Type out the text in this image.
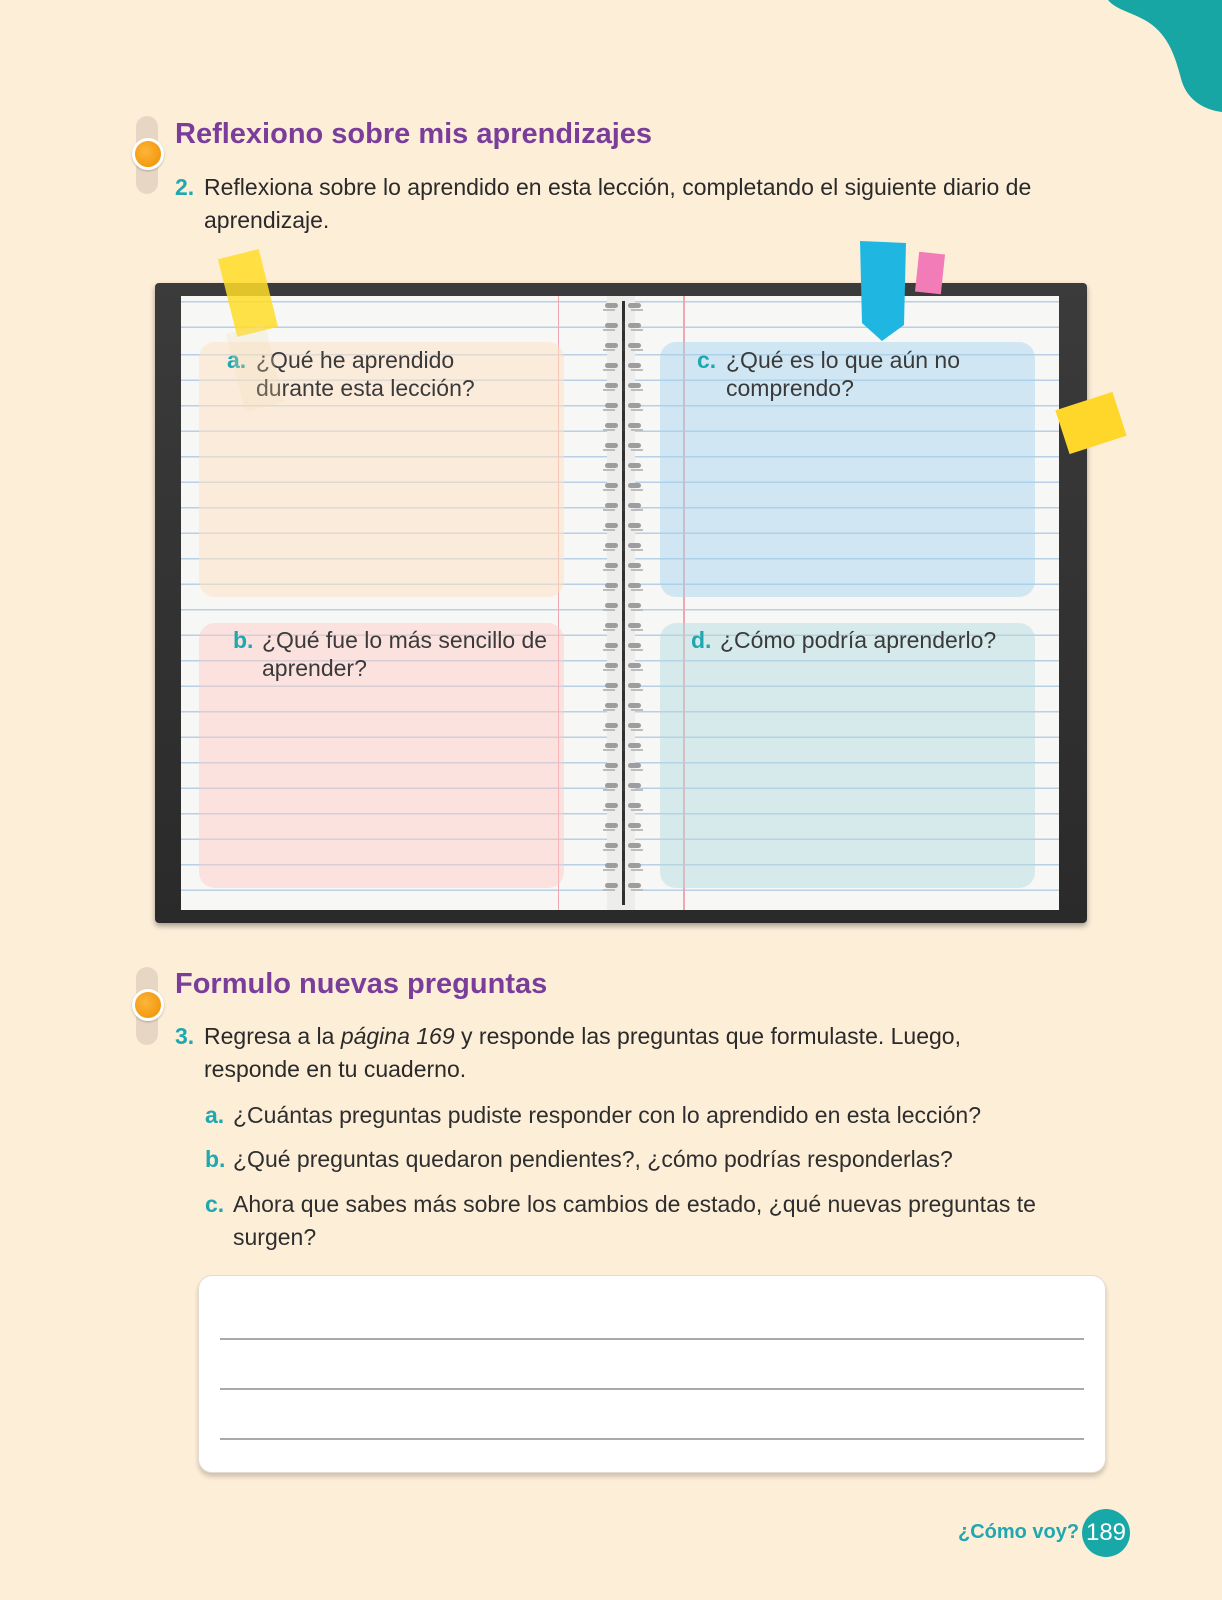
Reflexiono sobre mis aprendizajes

2. Reflexiona sobre lo aprendido en esta lección, completando el siguiente diario de aprendizaje.

a. ¿Qué he aprendido durante esta lección?

b. ¿Qué fue lo más sencillo de aprender?

c. ¿Qué es lo que aún no comprendo?

d. ¿Cómo podría aprenderlo?

Formulo nuevas preguntas

3. Regresa a la página 169 y responde las preguntas que formulaste. Luego, responde en tu cuaderno.

a. ¿Cuántas preguntas pudiste responder con lo aprendido en esta lección?

b. ¿Qué preguntas quedaron pendientes?, ¿cómo podrías responderlas?

c. Ahora que sabes más sobre los cambios de estado, ¿qué nuevas preguntas te surgen?

¿Cómo voy? 189
